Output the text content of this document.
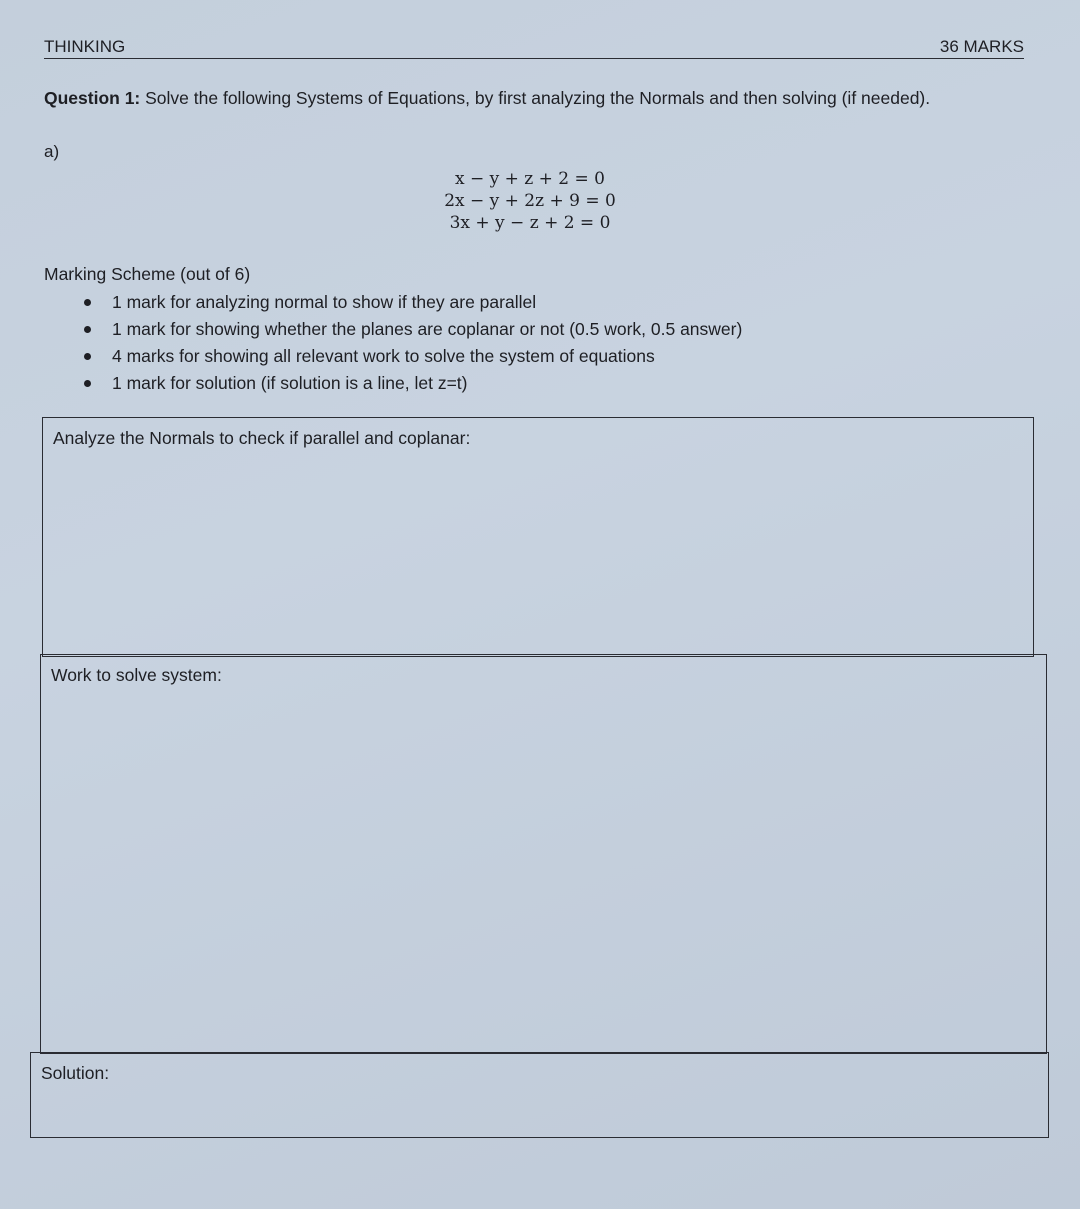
THINKING	36 MARKS
Question 1: Solve the following Systems of Equations, by first analyzing the Normals and then solving (if needed).
a)
x − y + z + 2 = 0
2x − y + 2z + 9 = 0
3x + y − z + 2 = 0
Marking Scheme (out of 6)
1 mark for analyzing normal to show if they are parallel
1 mark for showing whether the planes are coplanar or not (0.5 work, 0.5 answer)
4 marks for showing all relevant work to solve the system of equations
1 mark for solution (if solution is a line, let z=t)
Analyze the Normals to check if parallel and coplanar:
Work to solve system:
Solution:
